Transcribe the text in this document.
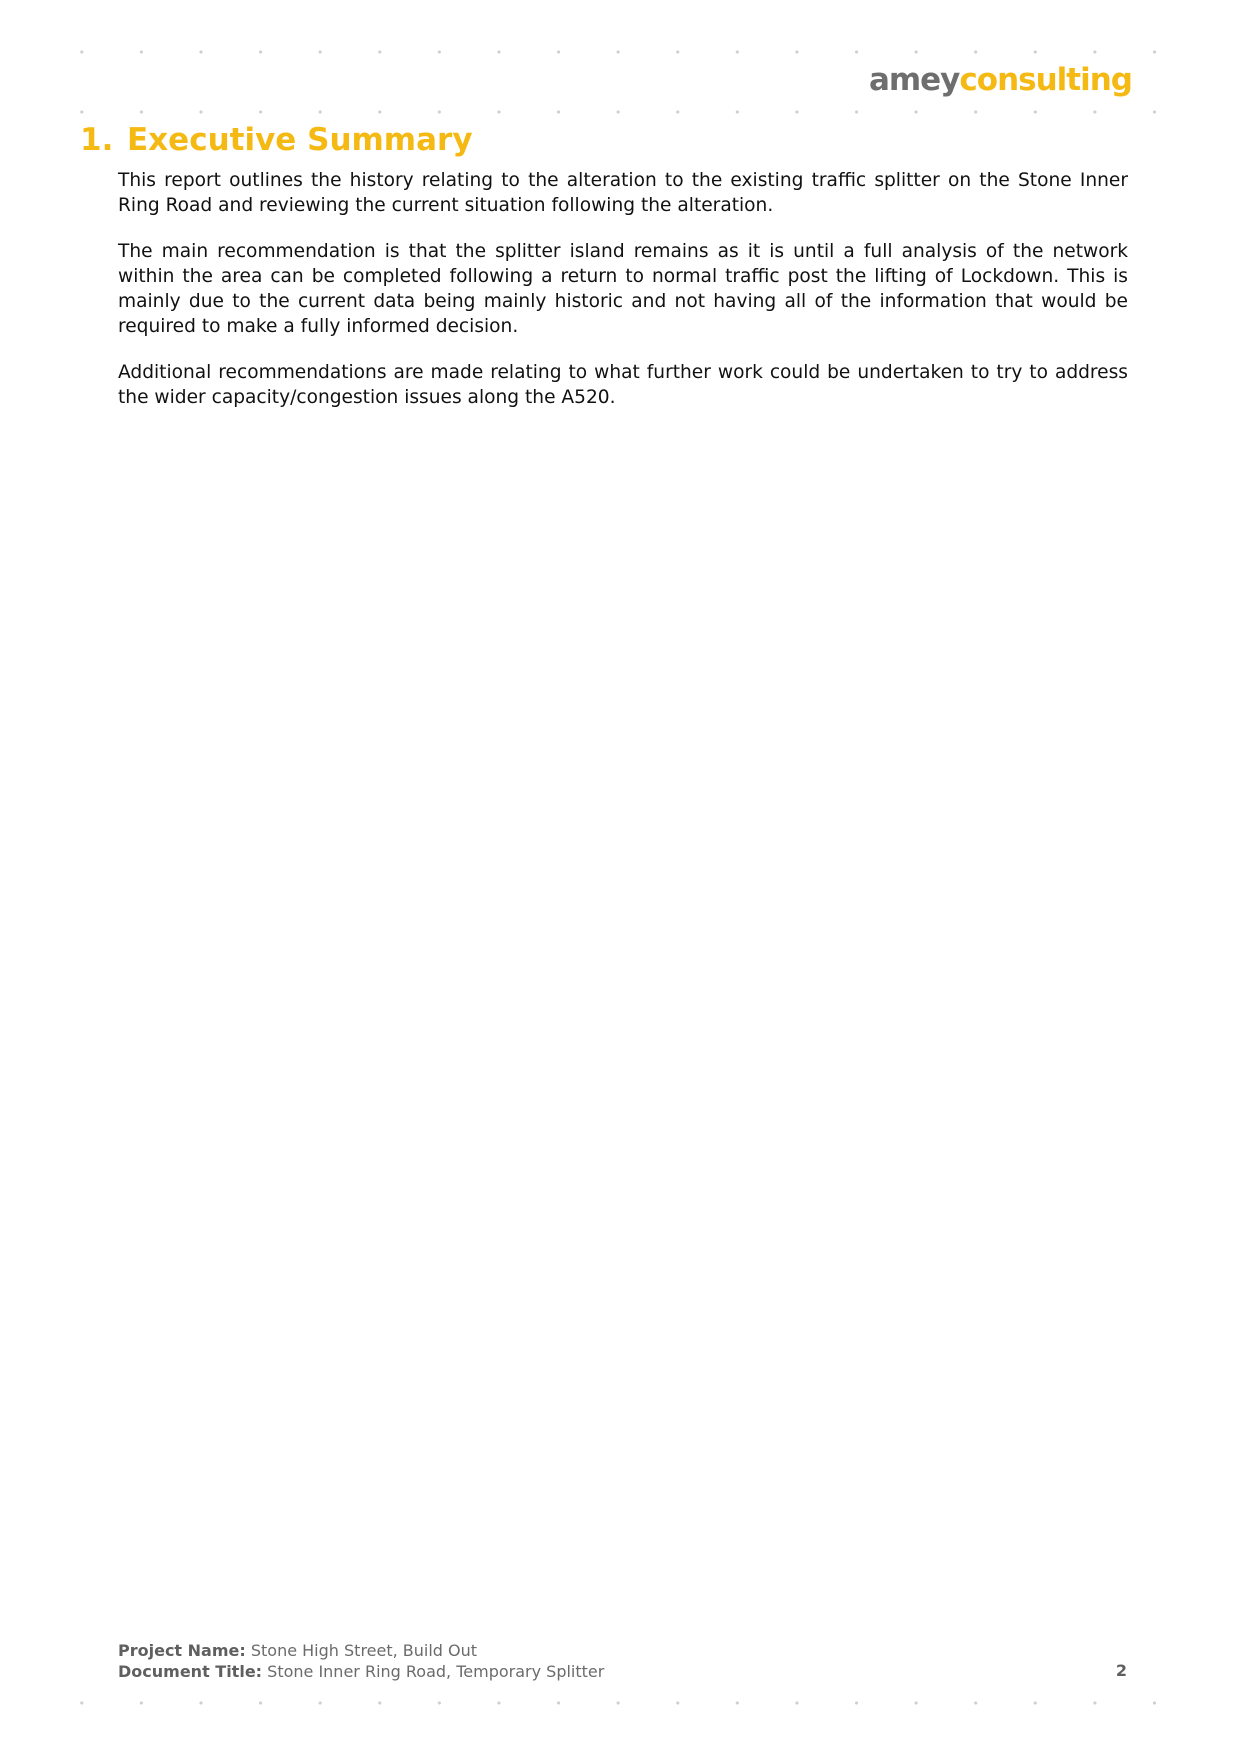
ameyconsulting
1. Executive Summary

This report outlines the history relating to the alteration to the existing traffic splitter on the Stone Inner Ring Road and reviewing the current situation following the alteration.

The main recommendation is that the splitter island remains as it is until a full analysis of the network within the area can be completed following a return to normal traffic post the lifting of Lockdown. This is mainly due to the current data being mainly historic and not having all of the information that would be required to make a fully informed decision.

Additional recommendations are made relating to what further work could be undertaken to try to address the wider capacity/congestion issues along the A520.

Project Name: Stone High Street, Build Out
Document Title: Stone Inner Ring Road, Temporary Splitter	2
